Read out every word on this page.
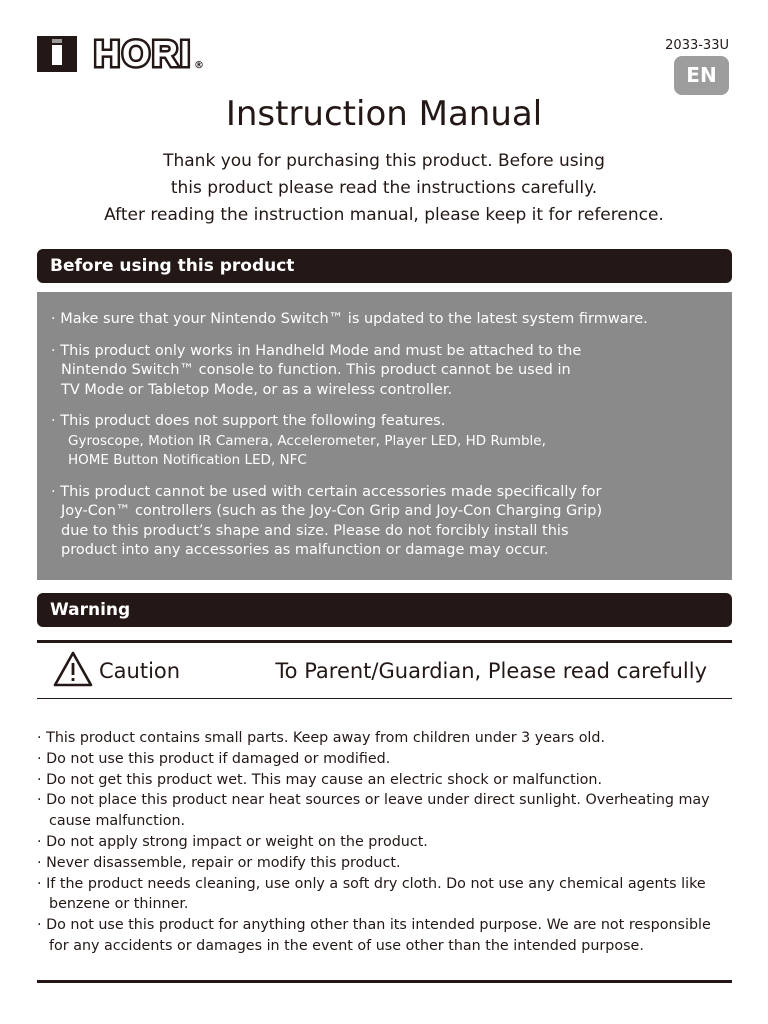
HORI ®
2033-33U
EN
Instruction Manual
Thank you for purchasing this product. Before using
this product please read the instructions carefully.
After reading the instruction manual, please keep it for reference.
Before using this product
· Make sure that your Nintendo Switch™ is updated to the latest system firmware.
· This product only works in Handheld Mode and must be attached to the
Nintendo Switch™ console to function. This product cannot be used in
TV Mode or Tabletop Mode, or as a wireless controller.
· This product does not support the following features.
Gyroscope, Motion IR Camera, Accelerometer, Player LED, HD Rumble,
HOME Button Notification LED, NFC
· This product cannot be used with certain accessories made specifically for
Joy-Con™ controllers (such as the Joy-Con Grip and Joy-Con Charging Grip)
due to this product’s shape and size. Please do not forcibly install this
product into any accessories as malfunction or damage may occur.
Warning
Caution	To Parent/Guardian, Please read carefully
· This product contains small parts. Keep away from children under 3 years old.
· Do not use this product if damaged or modified.
· Do not get this product wet. This may cause an electric shock or malfunction.
· Do not place this product near heat sources or leave under direct sunlight. Overheating may
cause malfunction.
· Do not apply strong impact or weight on the product.
· Never disassemble, repair or modify this product.
· If the product needs cleaning, use only a soft dry cloth. Do not use any chemical agents like
benzene or thinner.
· Do not use this product for anything other than its intended purpose. We are not responsible
for any accidents or damages in the event of use other than the intended purpose.
